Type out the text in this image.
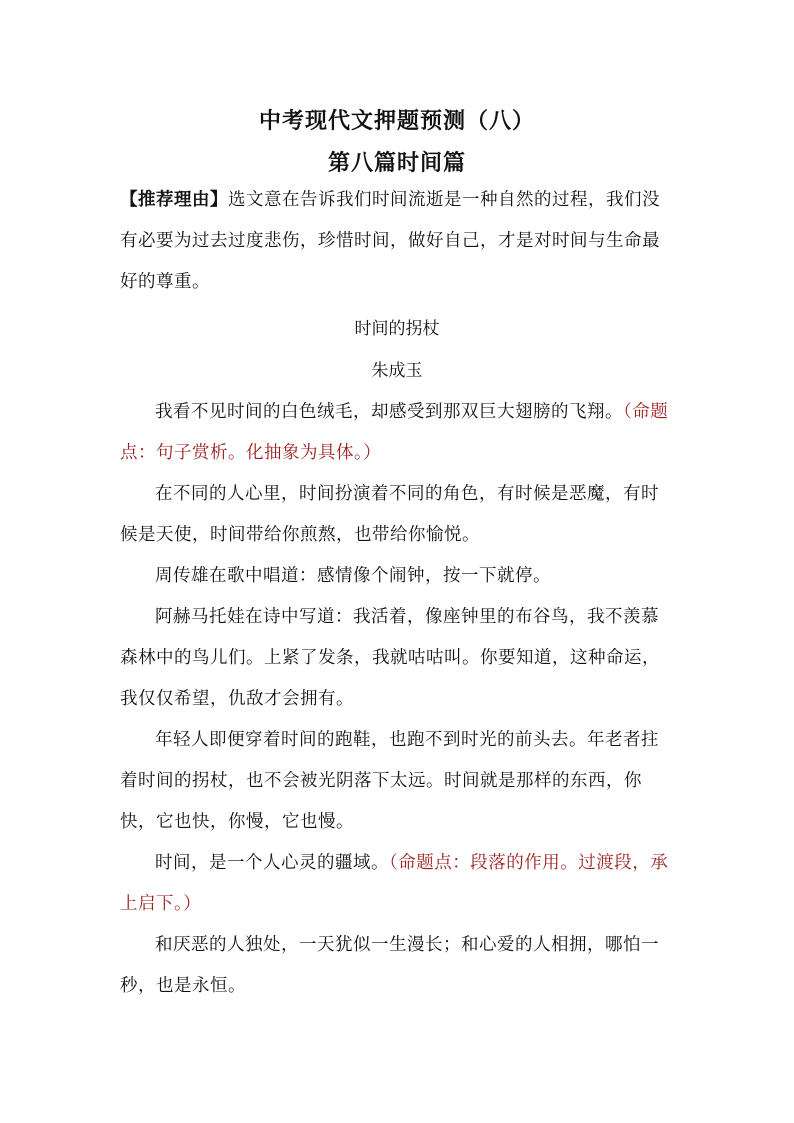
中考现代文押题预测（八）
第八篇时间篇
【推荐理由】选文意在告诉我们时间流逝是一种自然的过程，我们没有必要为过去过度悲伤，珍惜时间，做好自己，才是对时间与生命最好的尊重。
时间的拐杖
朱成玉
我看不见时间的白色绒毛，却感受到那双巨大翅膀的飞翔。（命题点：句子赏析。化抽象为具体。）
在不同的人心里，时间扮演着不同的角色，有时候是恶魔，有时候是天使，时间带给你煎熬，也带给你愉悦。
周传雄在歌中唱道：感情像个闹钟，按一下就停。
阿赫马托娃在诗中写道：我活着，像座钟里的布谷鸟，我不羡慕森林中的鸟儿们。上紧了发条，我就咕咕叫。你要知道，这种命运，我仅仅希望，仇敌才会拥有。
年轻人即便穿着时间的跑鞋，也跑不到时光的前头去。年老者拄着时间的拐杖，也不会被光阴落下太远。时间就是那样的东西，你快，它也快，你慢，它也慢。
时间，是一个人心灵的疆域。（命题点：段落的作用。过渡段，承上启下。）
和厌恶的人独处，一天犹似一生漫长；和心爱的人相拥，哪怕一秒，也是永恒。
